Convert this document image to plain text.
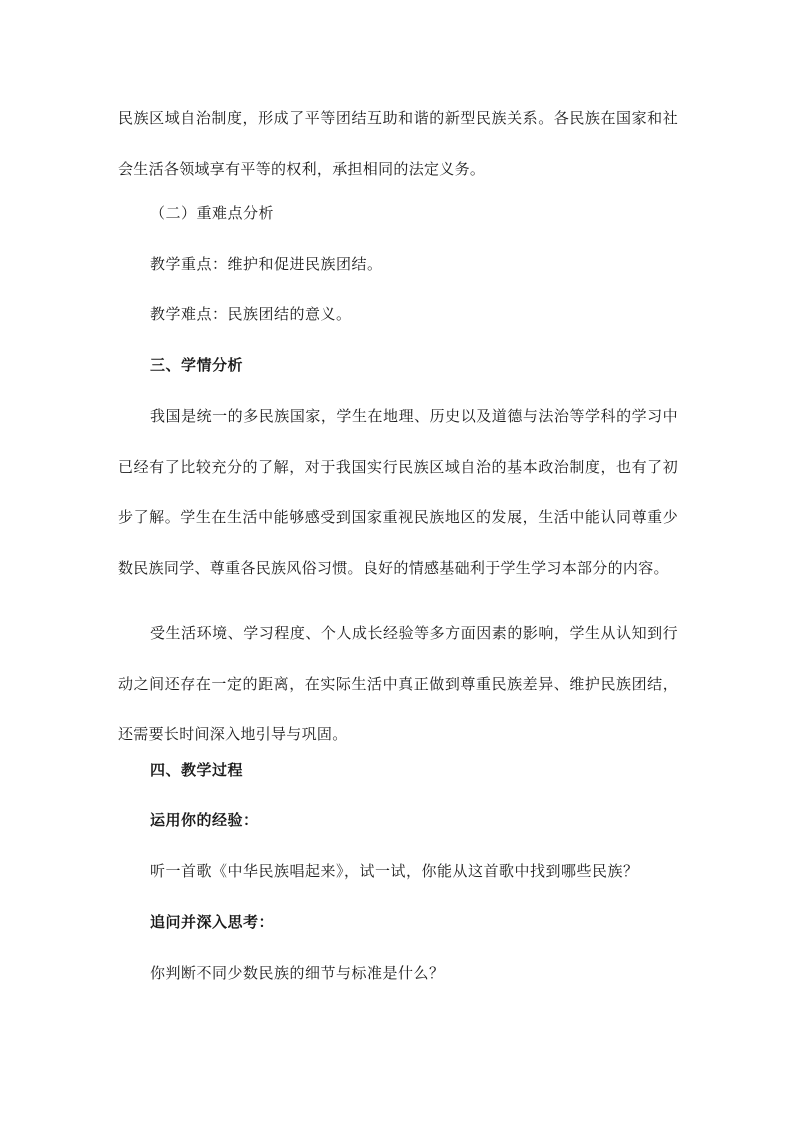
民族区域自治制度，形成了平等团结互助和谐的新型民族关系。各民族在国家和社会生活各领域享有平等的权利，承担相同的法定义务。

（二）重难点分析

教学重点：维护和促进民族团结。

教学难点：民族团结的意义。

三、学情分析

我国是统一的多民族国家，学生在地理、历史以及道德与法治等学科的学习中已经有了比较充分的了解，对于我国实行民族区域自治的基本政治制度，也有了初步了解。学生在生活中能够感受到国家重视民族地区的发展，生活中能认同尊重少数民族同学、尊重各民族风俗习惯。良好的情感基础利于学生学习本部分的内容。

受生活环境、学习程度、个人成长经验等多方面因素的影响，学生从认知到行动之间还存在一定的距离，在实际生活中真正做到尊重民族差异、维护民族团结，还需要长时间深入地引导与巩固。

四、教学过程

运用你的经验：

听一首歌《中华民族唱起来》，试一试，你能从这首歌中找到哪些民族？

追问并深入思考：

你判断不同少数民族的细节与标准是什么？
